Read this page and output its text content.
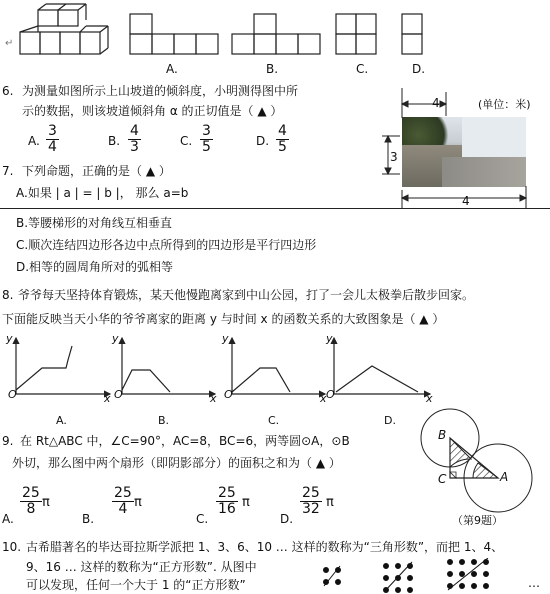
↵
A.	B.	C.	D.
6. 为测量如图所示上山坡道的倾斜度，小明测得图中所
示的数据，则该坡道倾斜角 α 的正切值是（ ▲ ）
A. $\frac{3}{4}$	B. $\frac{4}{3}$	C. $\frac{3}{5}$	D. $\frac{4}{5}$
4	(单位：米)
3
4
7. 下列命题，正确的是（ ▲ ）
A.如果 | a | = | b |， 那么 a=b
B.等腰梯形的对角线互相垂直
C.顺次连结四边形各边中点所得到的四边形是平行四边形
D.相等的圆周角所对的弧相等
8. 爷爷每天坚持体育锻炼，某天他慢跑离家到中山公园，打了一会儿太极拳后散步回家。
下面能反映当天小华的爷爷离家的距离 y 与时间 x 的函数关系的大致图象是（ ▲ ）
y
O	x
y
O	x
y
O	x
y
O	x
A.	B.	C.	D.
9. 在 Rt△ABC 中，∠C=90°，AC=8，BC=6，两等圆⊙A，⊙B
外切，那么图中两个扇形（即阴影部分）的面积之和为（ ▲ ）
A.
$\frac{25}{8}$ π
B.
$\frac{25}{4}$ π
C.
$\frac{25}{16}$ π
D.
$\frac{25}{32}$ π
B
C	A
（第9题）
10. 古希腊著名的毕达哥拉斯学派把 1、3、6、10 … 这样的数称为“三角形数”，而把 1、4、
9、16 … 这样的数称为“正方形数”. 从图中
可以发现，任何一个大于 1 的“正方形数”	…
